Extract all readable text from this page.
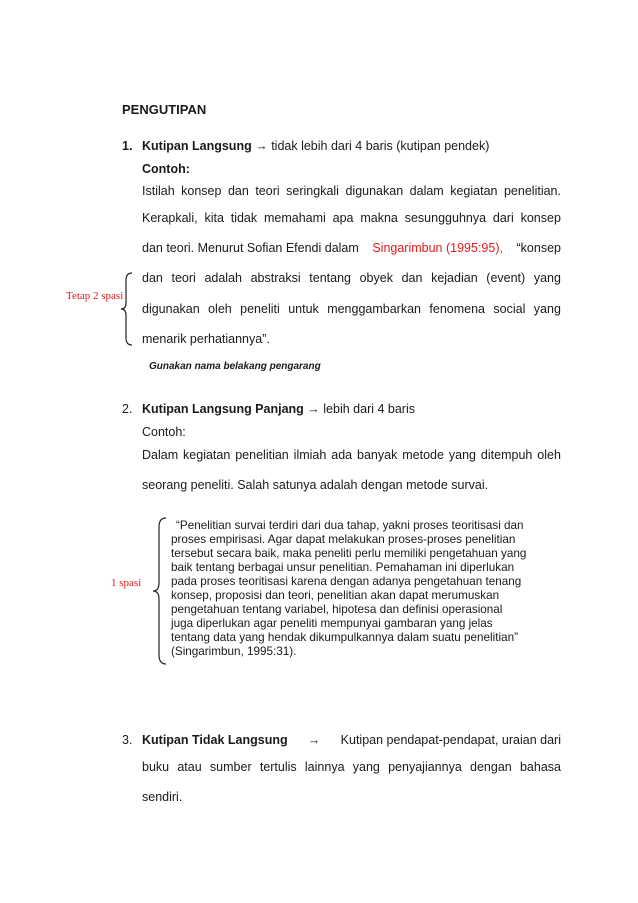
PENGUTIPAN
1. Kutipan Langsung → tidak lebih dari 4 baris (kutipan pendek)
Contoh:
Istilah konsep dan teori seringkali digunakan dalam kegiatan penelitian.
Kerapkali, kita tidak memahami apa makna sesungguhnya dari konsep
dan teori. Menurut Sofian Efendi dalam Singarimbun (1995:95), “konsep
dan teori adalah abstraksi tentang obyek dan kejadian (event) yang
digunakan oleh peneliti untuk menggambarkan fenomena social yang
menarik perhatiannya”.
Gunakan nama belakang pengarang
Tetap 2 spasi
2. Kutipan Langsung Panjang → lebih dari 4 baris
Contoh:
Dalam kegiatan penelitian ilmiah ada banyak metode yang ditempuh oleh
seorang peneliti. Salah satunya adalah dengan metode survai.
1 spasi
“Penelitian survai terdiri dari dua tahap, yakni proses teoritisasi dan
proses empirisasi. Agar dapat melakukan proses-proses penelitian
tersebut secara baik, maka peneliti perlu memiliki pengetahuan yang
baik tentang berbagai unsur penelitian. Pemahaman ini diperlukan
pada proses teoritisasi karena dengan adanya pengetahuan tenang
konsep, proposisi dan teori, penelitian akan dapat merumuskan
pengetahuan tentang variabel, hipotesa dan definisi operasional
juga diperlukan agar peneliti mempunyai gambaran yang jelas
tentang data yang hendak dikumpulkannya dalam suatu penelitian”
(Singarimbun, 1995:31).
3. Kutipan Tidak Langsung → Kutipan pendapat-pendapat, uraian dari
buku atau sumber tertulis lainnya yang penyajiannya dengan bahasa
sendiri.
